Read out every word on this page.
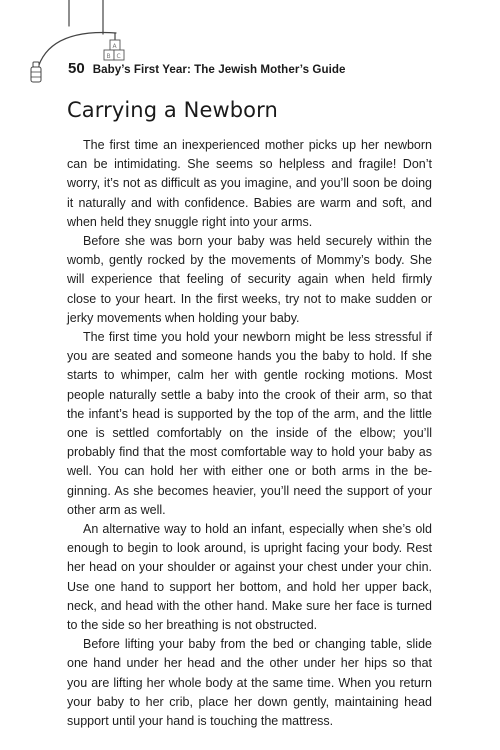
A
B C
50 Baby’s First Year: The Jewish Mother’s Guide
Carrying a Newborn

The first time an inexperienced mother picks up her newborn can be intimidating. She seems so helpless and fragile! Don’t worry, it’s not as difficult as you imagine, and you’ll soon be doing it naturally and with confidence. Babies are warm and soft, and when held they snuggle right into your arms.

Before she was born your baby was held securely within the womb, gently rocked by the movements of Mommy’s body. She will experience that feeling of security again when held firmly close to your heart. In the first weeks, try not to make sudden or jerky movements when holding your baby.

The first time you hold your newborn might be less stressful if you are seated and someone hands you the baby to hold. If she starts to whimper, calm her with gentle rocking motions. Most people naturally settle a baby into the crook of their arm, so that the infant’s head is supported by the top of the arm, and the little one is settled comfortably on the inside of the elbow; you’ll probably find that the most comfortable way to hold your baby as well. You can hold her with either one or both arms in the beginning. As she becomes heavier, you’ll need the support of your other arm as well.

An alternative way to hold an infant, especially when she’s old enough to begin to look around, is upright facing your body. Rest her head on your shoulder or against your chest under your chin. Use one hand to support her bottom, and hold her upper back, neck, and head with the other hand. Make sure her face is turned to the side so her breathing is not obstructed.

Before lifting your baby from the bed or changing table, slide one hand under her head and the other under her hips so that you are lifting her whole body at the same time. When you return your baby to her crib, place her down gently, maintaining head support until your hand is touching the mattress.
